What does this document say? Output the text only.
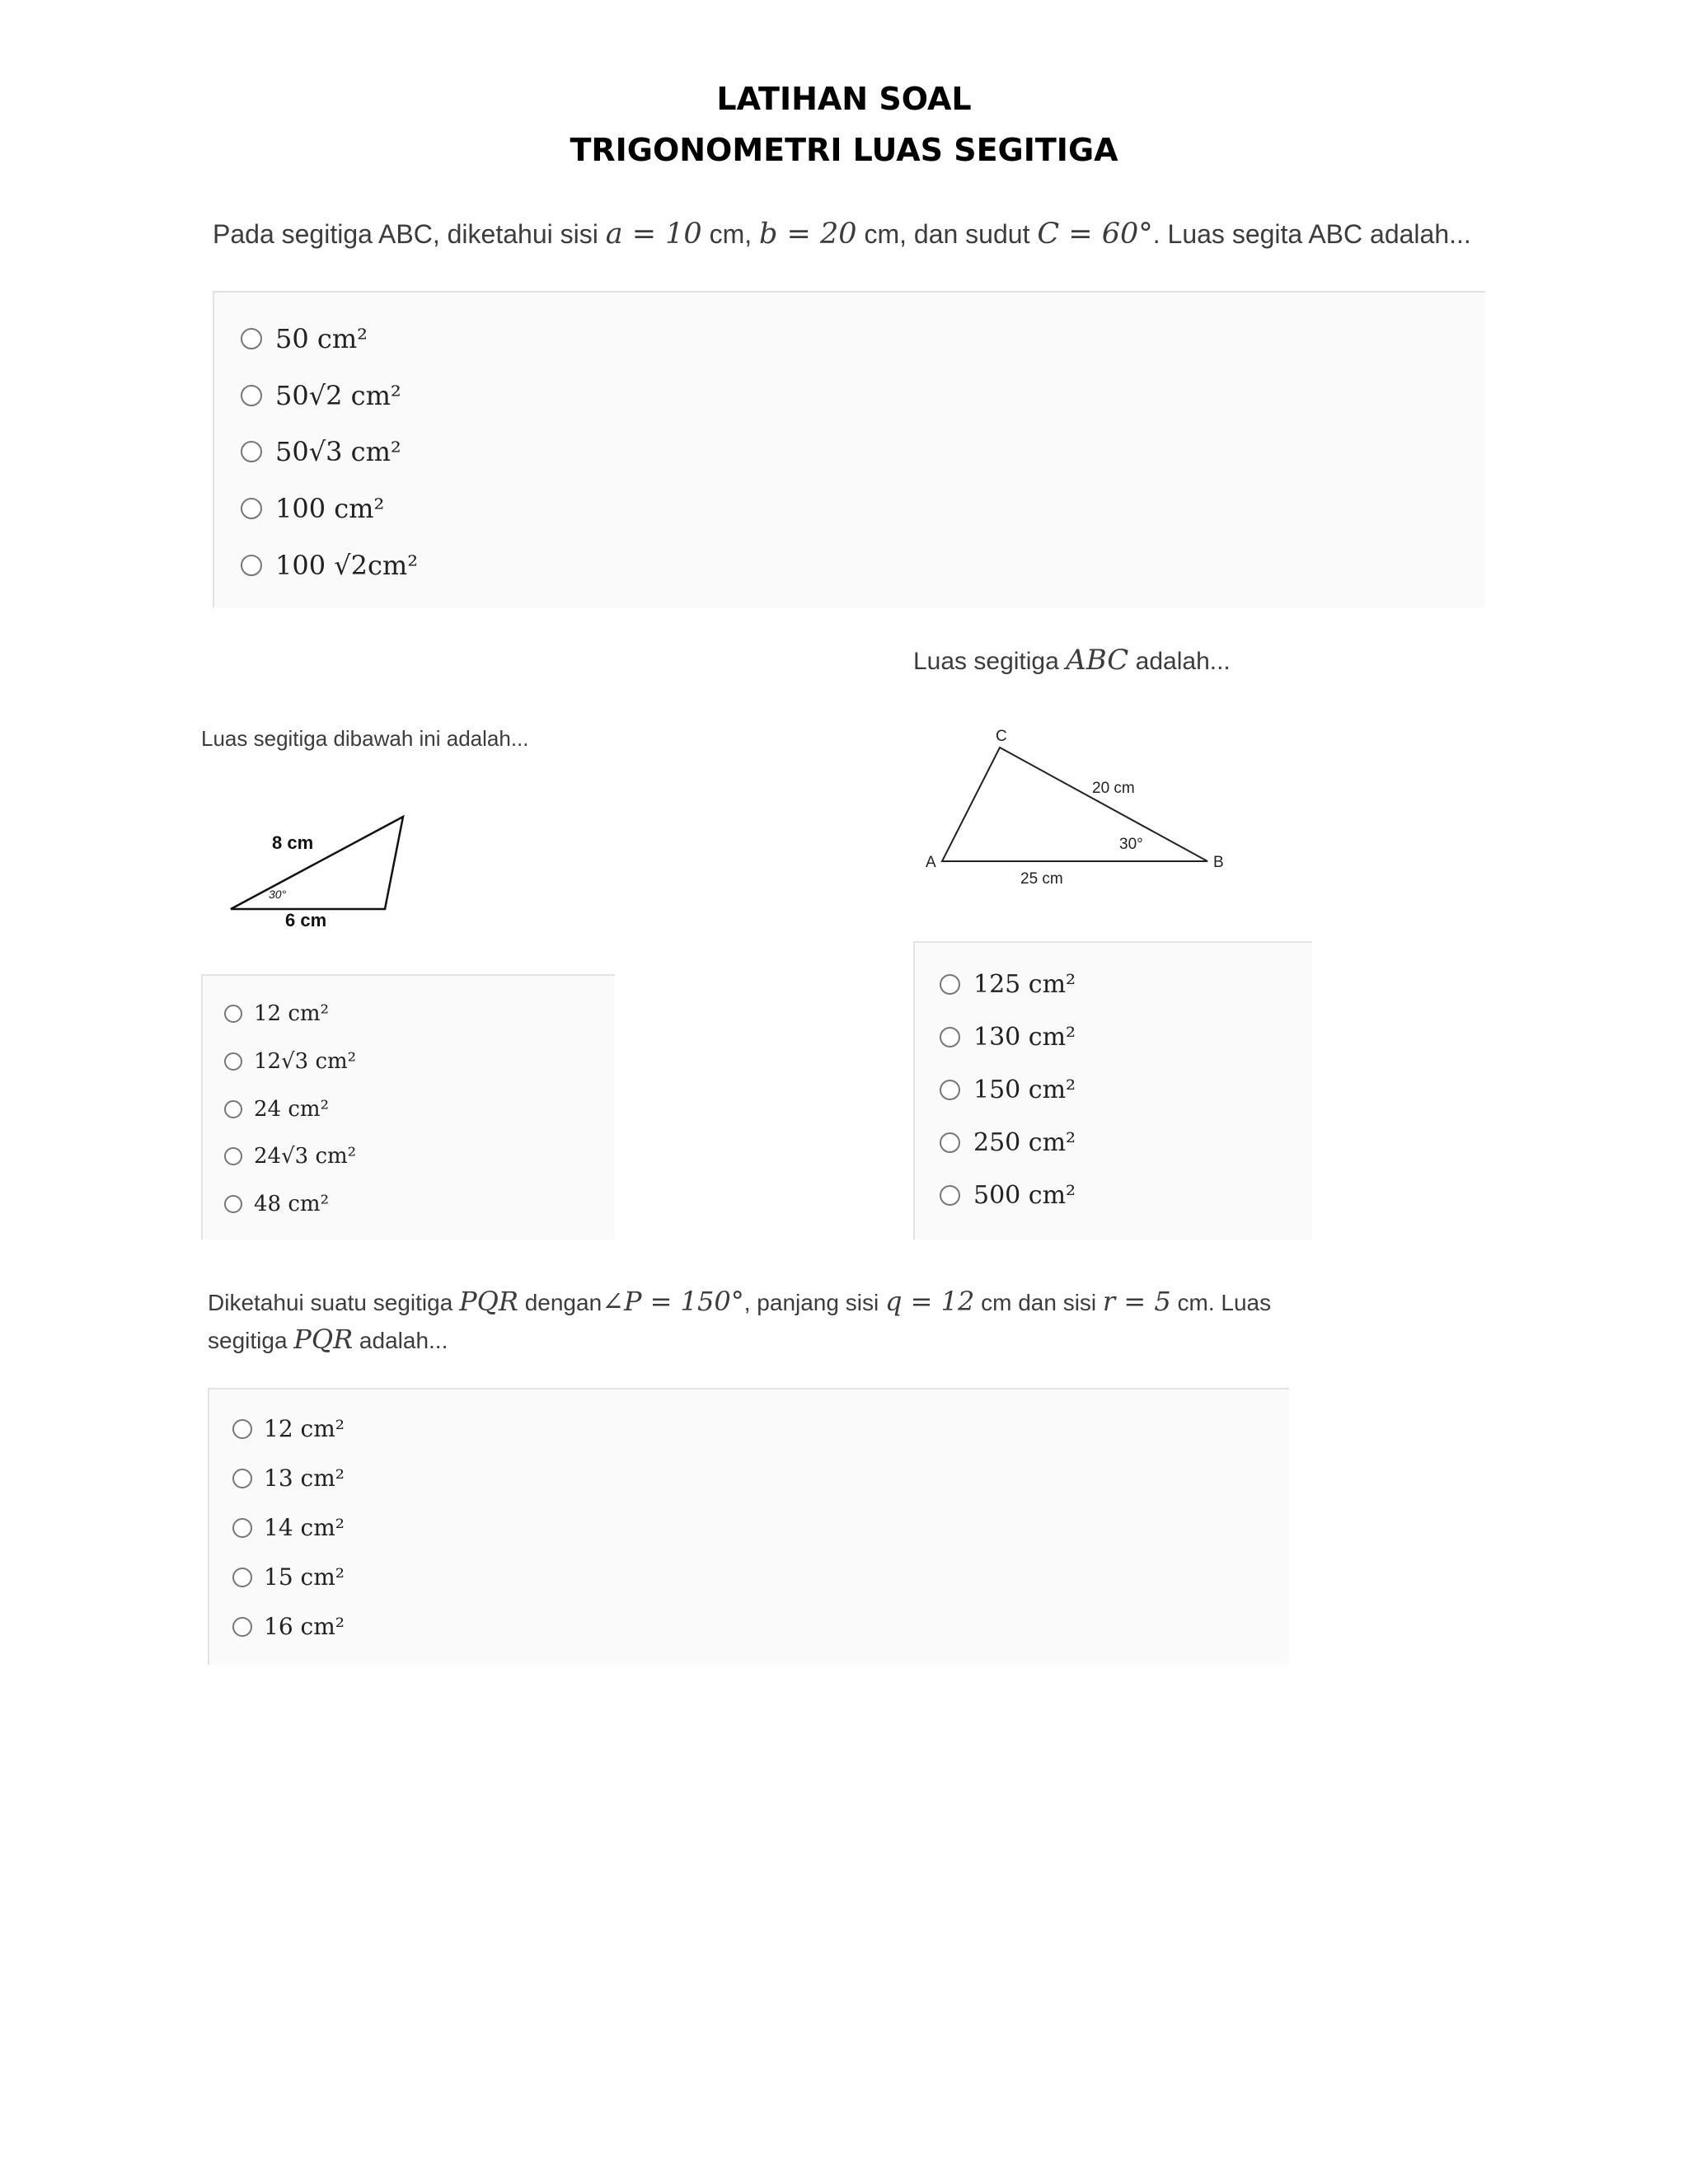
LATIHAN SOAL
TRIGONOMETRI LUAS SEGITIGA
Pada segitiga ABC, diketahui sisi a = 10 cm, b = 20 cm, dan sudut C = 60°. Luas segita ABC adalah...
50 cm²
50√2 cm²
50√3 cm²
100 cm²
100 √2cm²
Luas segitiga dibawah ini adalah...
8 cm
30°
6 cm
12 cm²
12√3 cm²
24 cm²
24√3 cm²
48 cm²
Luas segitiga ABC adalah...
C
A	B
20 cm
30°
25 cm
125 cm²
130 cm²
150 cm²
250 cm²
500 cm²
Diketahui suatu segitiga PQR dengan∠P = 150°, panjang sisi q = 12 cm dan sisi r = 5 cm. Luas
segitiga PQR adalah...
12 cm²
13 cm²
14 cm²
15 cm²
16 cm²
